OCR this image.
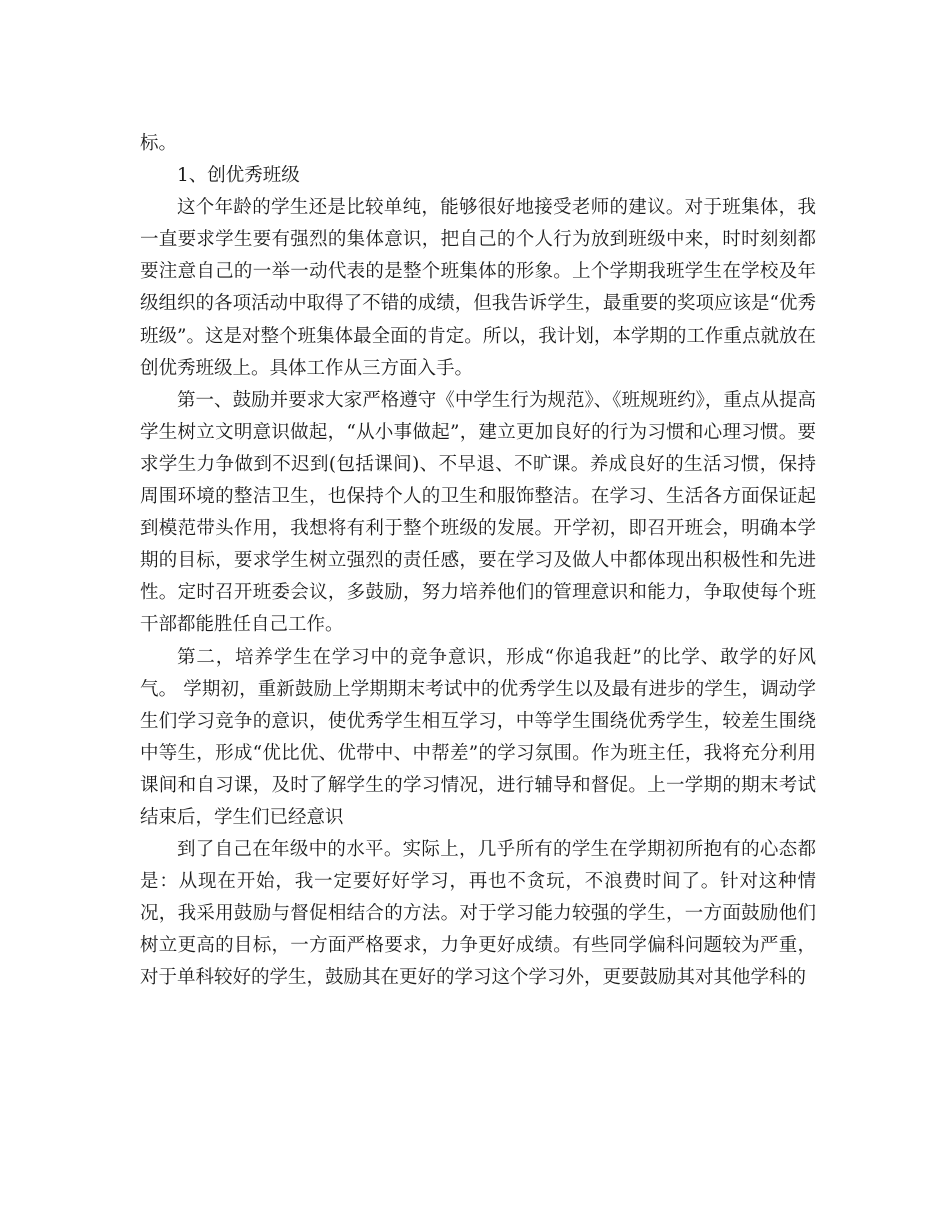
标。

1、创优秀班级

这个年龄的学生还是比较单纯，能够很好地接受老师的建议。对于班集体，我一直要求学生要有强烈的集体意识，把自己的个人行为放到班级中来，时时刻刻都要注意自己的一举一动代表的是整个班集体的形象。上个学期我班学生在学校及年级组织的各项活动中取得了不错的成绩，但我告诉学生，最重要的奖项应该是“优秀班级”。这是对整个班集体最全面的肯定。所以，我计划，本学期的工作重点就放在创优秀班级上。具体工作从三方面入手。

第一、鼓励并要求大家严格遵守《中学生行为规范》、《班规班约》，重点从提高学生树立文明意识做起，“从小事做起”，建立更加良好的行为习惯和心理习惯。要求学生力争做到不迟到(包括课间)、不早退、不旷课。养成良好的生活习惯，保持周围环境的整洁卫生，也保持个人的卫生和服饰整洁。在学习、生活各方面保证起到模范带头作用，我想将有利于整个班级的发展。开学初，即召开班会，明确本学期的目标，要求学生树立强烈的责任感，要在学习及做人中都体现出积极性和先进性。定时召开班委会议，多鼓励，努力培养他们的管理意识和能力，争取使每个班干部都能胜任自己工作。

第二，培养学生在学习中的竞争意识，形成“你追我赶”的比学、敢学的好风气。 学期初，重新鼓励上学期期末考试中的优秀学生以及最有进步的学生，调动学生们学习竞争的意识，使优秀学生相互学习，中等学生围绕优秀学生，较差生围绕中等生，形成“优比优、优带中、中帮差”的学习氛围。作为班主任，我将充分利用课间和自习课，及时了解学生的学习情况，进行辅导和督促。上一学期的期末考试结束后，学生们已经意识

到了自己在年级中的水平。实际上，几乎所有的学生在学期初所抱有的心态都是：从现在开始，我一定要好好学习，再也不贪玩，不浪费时间了。针对这种情况，我采用鼓励与督促相结合的方法。对于学习能力较强的学生，一方面鼓励他们树立更高的目标，一方面严格要求，力争更好成绩。有些同学偏科问题较为严重，对于单科较好的学生，鼓励其在更好的学习这个学习外，更要鼓励其对其他学科的
